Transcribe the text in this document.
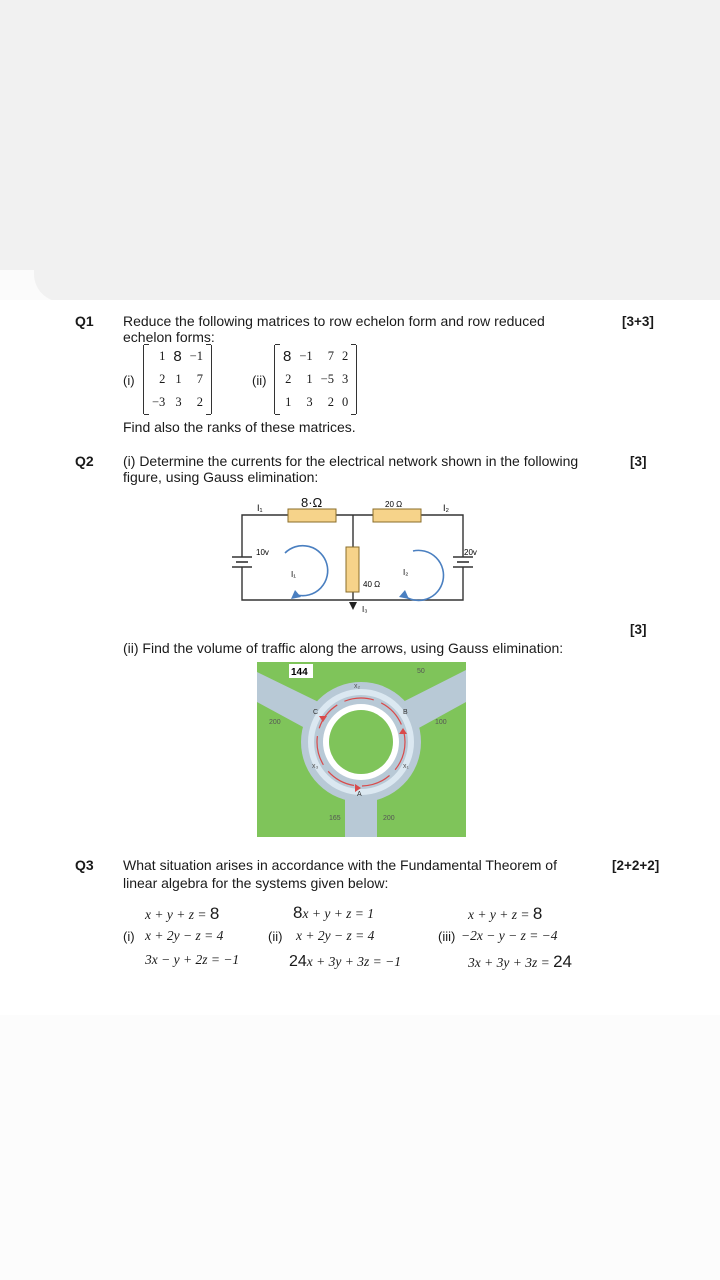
Q1 Reduce the following matrices to row echelon form and row reduced
echelon forms:
[3+3]
(i)
1 8 −1
2 1	7
−3 3	2
(ii)
8 −1	7 2
2	1 −5 3
1	3	2 0
Find also the ranks of these matrices.
Q2 (i) Determine the currents for the electrical network shown in the following
figure, using Gauss elimination:
[3]
I₁	I₂
8·Ω	20 Ω
40 Ω
10v	20v
I₁	I₂
I₃
[3]
(ii) Find the volume of traffic along the arrows, using Gauss elimination:
144	50
200	100
165	200
x₂
x₃	x₁
A
B
C
Q3 What situation arises in accordance with the Fundamental Theorem of
linear algebra for the systems given below:
[2+2+2]
x + y + z = 8
(i) x + 2y − z = 4
3x − y + 2z = −1
8x + y + z = 1
(ii) x + 2y − z = 4
24x + 3y + 3z = −1
x + y + z = 8
(iii) −2x − y − z = −4
3x + 3y + 3z = 24
